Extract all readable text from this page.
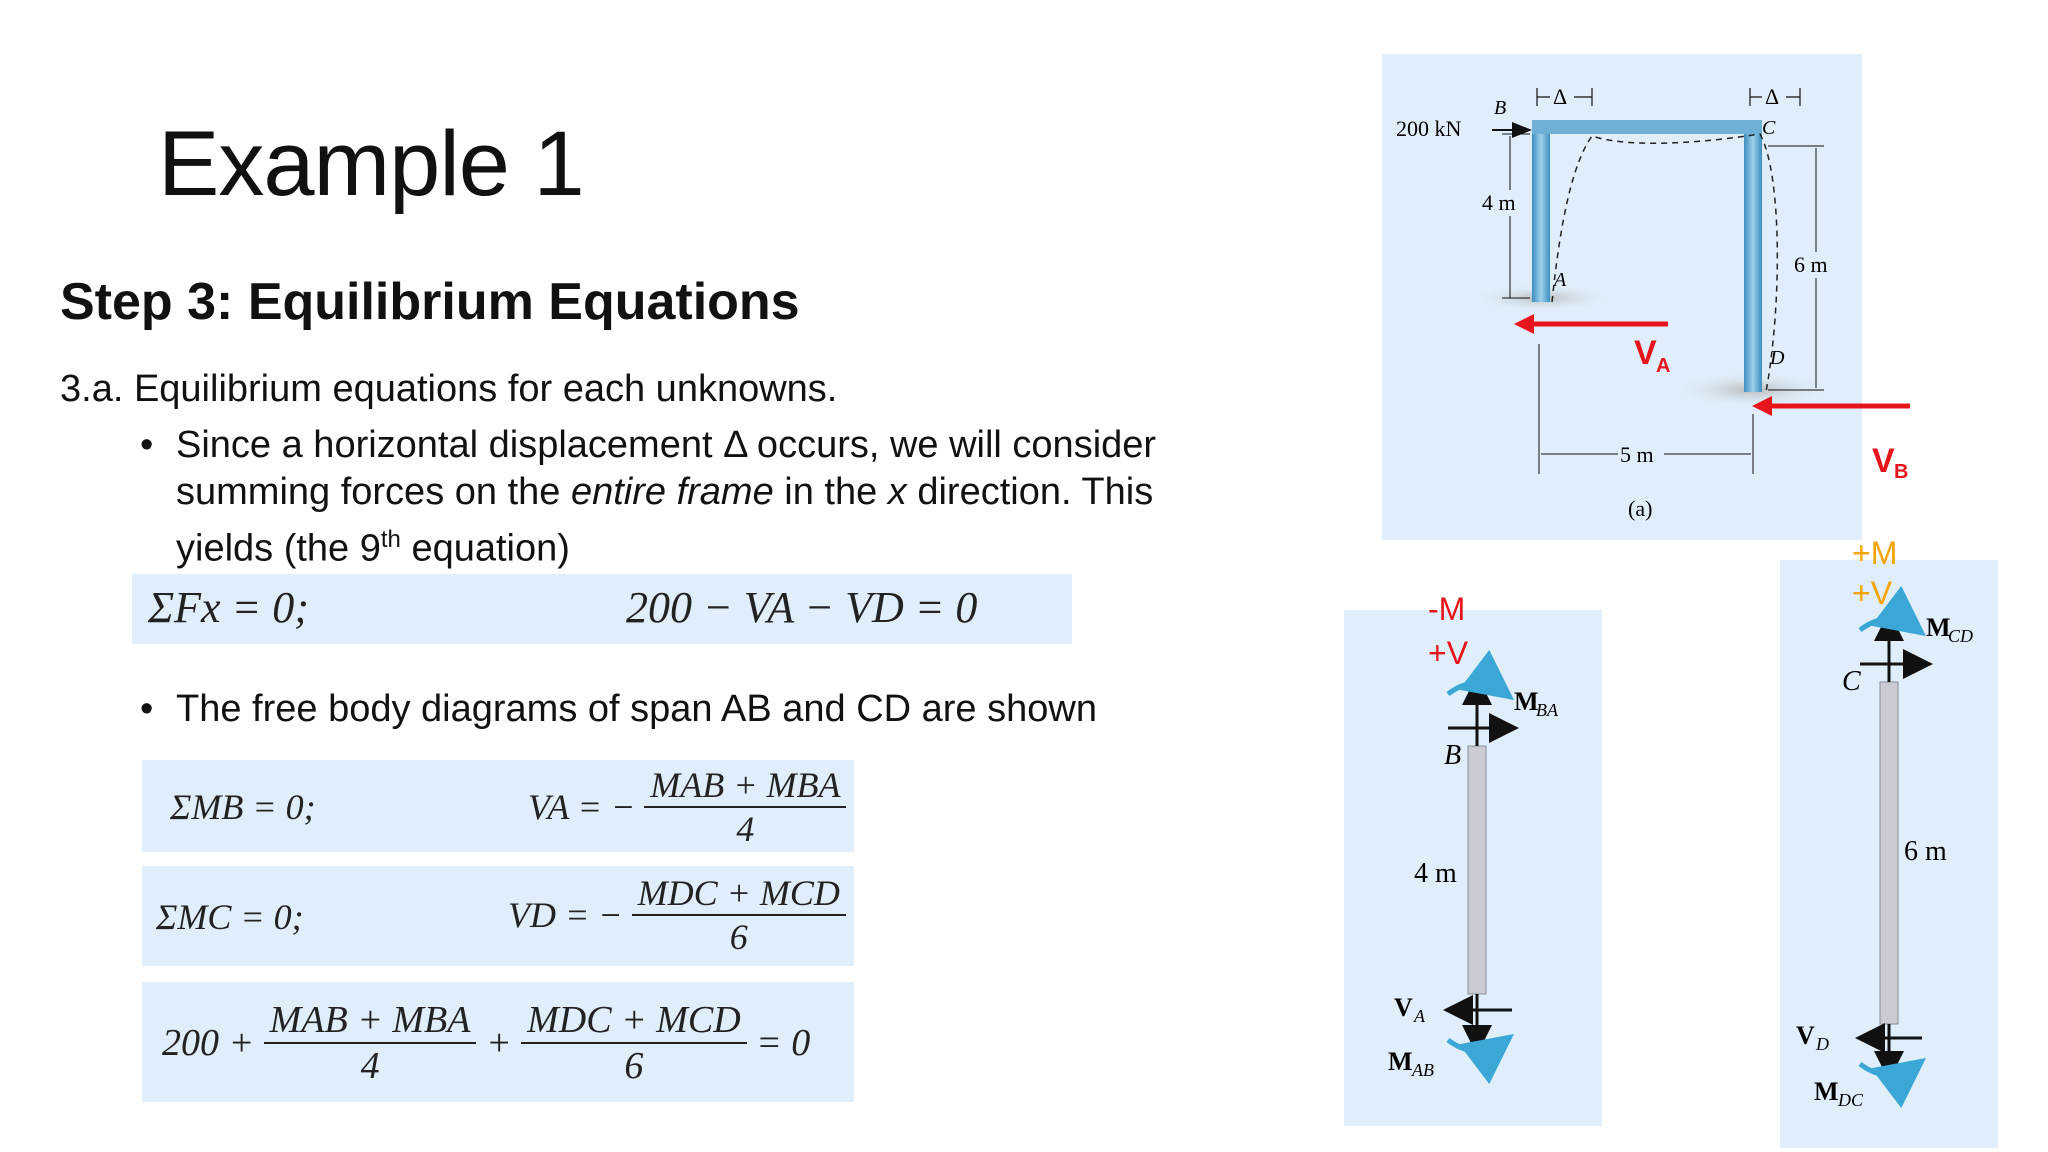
Example 1
Step 3: Equilibrium Equations
3.a. Equilibrium equations for each unknowns.
• Since a horizontal displacement Δ occurs, we will consider summing forces on the entire frame in the x direction. This yields (the 9th equation)
ΣFx = 0;	200 − VA − VD = 0
• The free body diagrams of span AB and CD are shown
ΣMB = 0;	VA = − $\frac{\text{MAB + MBA}}{4}$
ΣMC = 0;	VD = − $\frac{\text{MDC + MCD}}{6}$
$200 + \frac{\text{MAB + MBA}}{4} + \frac{\text{MDC + MCD}}{6} = 0$
200 kN
B
C
A
D
Δ	Δ
4 m
6 m
5 m
(a)
V A
V B
-M
+V
M
BA
B
4 m
V A
M AB
+M
+V
M
CD
C
6 m
V D
M DC
